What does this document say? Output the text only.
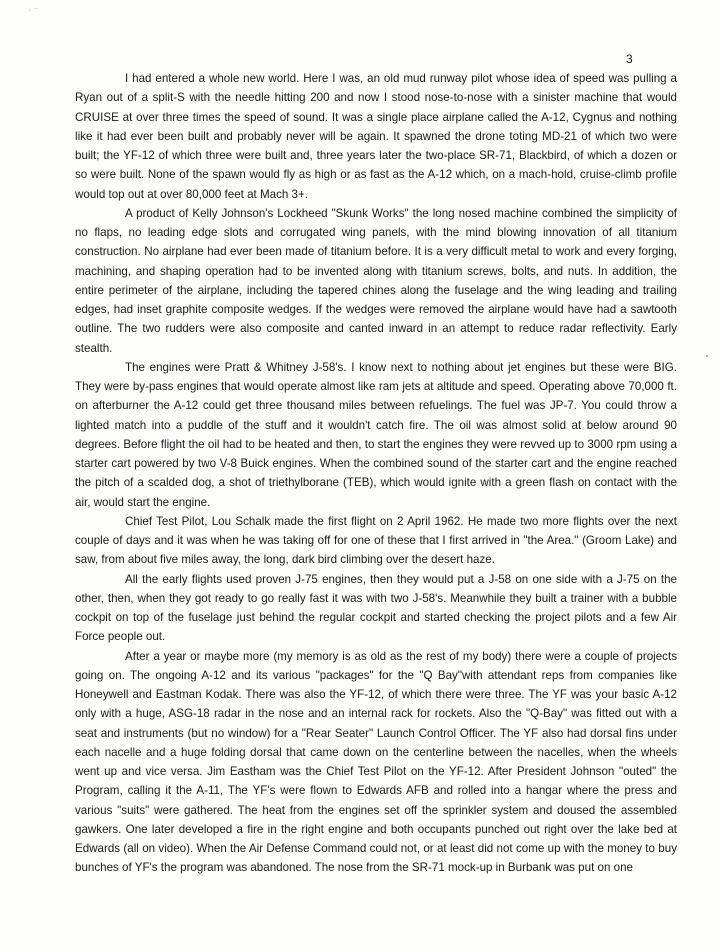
· ⁻
3

I had entered a whole new world. Here I was, an old mud runway pilot whose idea of speed was pulling a Ryan out of a split-S with the needle hitting 200 and now I stood nose-to-nose with a sinister machine that would CRUISE at over three times the speed of sound. It was a single place airplane called the A-12, Cygnus and nothing like it had ever been built and probably never will be again. It spawned the drone toting MD-21 of which two were built; the YF-12 of which three were built and, three years later the two-place SR-71, Blackbird, of which a dozen or so were built. None of the spawn would fly as high or as fast as the A-12 which, on a mach-hold, cruise-climb profile would top out at over 80,000 feet at Mach 3+.

A product of Kelly Johnson's Lockheed "Skunk Works" the long nosed machine combined the simplicity of no flaps, no leading edge slots and corrugated wing panels, with the mind blowing innovation of all titanium construction. No airplane had ever been made of titanium before. It is a very difficult metal to work and every forging, machining, and shaping operation had to be invented along with titanium screws, bolts, and nuts. In addition, the entire perimeter of the airplane, including the tapered chines along the fuselage and the wing leading and trailing edges, had inset graphite composite wedges. If the wedges were removed the airplane would have had a sawtooth outline. The two rudders were also composite and canted inward in an attempt to reduce radar reflectivity. Early stealth.

The engines were Pratt & Whitney J-58's. I know next to nothing about jet engines but these were BIG. They were by-pass engines that would operate almost like ram jets at altitude and speed. Operating above 70,000 ft. on afterburner the A-12 could get three thousand miles between refuelings. The fuel was JP-7. You could throw a lighted match into a puddle of the stuff and it wouldn't catch fire. The oil was almost solid at below around 90 degrees. Before flight the oil had to be heated and then, to start the engines they were revved up to 3000 rpm using a starter cart powered by two V-8 Buick engines. When the combined sound of the starter cart and the engine reached the pitch of a scalded dog, a shot of triethylborane (TEB), which would ignite with a green flash on contact with the air, would start the engine.

Chief Test Pilot, Lou Schalk made the first flight on 2 April 1962. He made two more flights over the next couple of days and it was when he was taking off for one of these that I first arrived in "the Area." (Groom Lake) and saw, from about five miles away, the long, dark bird climbing over the desert haze.

All the early flights used proven J-75 engines, then they would put a J-58 on one side with a J-75 on the other, then, when they got ready to go really fast it was with two J-58's. Meanwhile they built a trainer with a bubble cockpit on top of the fuselage just behind the regular cockpit and started checking the project pilots and a few Air Force people out.

After a year or maybe more (my memory is as old as the rest of my body) there were a couple of projects going on. The ongoing A-12 and its various "packages" for the "Q Bay"with attendant reps from companies like Honeywell and Eastman Kodak. There was also the YF-12, of which there were three. The YF was your basic A-12 only with a huge, ASG-18 radar in the nose and an internal rack for rockets. Also the "Q-Bay" was fitted out with a seat and instruments (but no window) for a "Rear Seater" Launch Control Officer. The YF also had dorsal fins under each nacelle and a huge folding dorsal that came down on the centerline between the nacelles, when the wheels went up and vice versa. Jim Eastham was the Chief Test Pilot on the YF-12. After President Johnson "outed" the Program, calling it the A-11, The YF's were flown to Edwards AFB and rolled into a hangar where the press and various "suits" were gathered. The heat from the engines set off the sprinkler system and doused the assembled gawkers. One later developed a fire in the right engine and both occupants punched out right over the lake bed at Edwards (all on video). When the Air Defense Command could not, or at least did not come up with the money to buy bunches of YF's the program was abandoned. The nose from the SR-71 mock-up in Burbank was put on one
